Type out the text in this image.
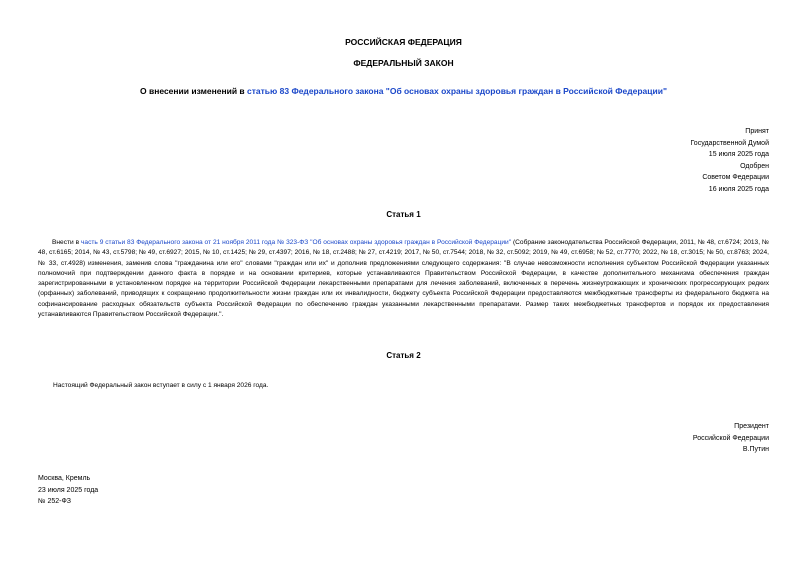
РОССИЙСКАЯ ФЕДЕРАЦИЯ
ФЕДЕРАЛЬНЫЙ ЗАКОН
О внесении изменений в статью 83 Федерального закона "Об основах охраны здоровья граждан в Российской Федерации"
Принят
Государственной Думой
15 июля 2025 года
Одобрен
Советом Федерации
16 июля 2025 года
Статья 1
Внести в часть 9 статьи 83 Федерального закона от 21 ноября 2011 года № 323-ФЗ "Об основах охраны здоровья граждан в Российской Федерации" (Собрание законодательства Российской Федерации, 2011, № 48, ст.6724; 2013, № 48, ст.6165; 2014, № 43, ст.5798; № 49, ст.6927; 2015, № 10, ст.1425; № 29, ст.4397; 2016, № 18, ст.2488; № 27, ст.4219; 2017, № 50, ст.7544; 2018, № 32, ст.5092; 2019, № 49, ст.6958; № 52, ст.7770; 2022, № 18, ст.3015; № 50, ст.8763; 2024, № 33, ст.4928) изменения, заменив слова "гражданина или его" словами "граждан или их" и дополнив предложениями следующего содержания: "В случае невозможности исполнения субъектом Российской Федерации указанных полномочий при подтверждении данного факта в порядке и на основании критериев, которые устанавливаются Правительством Российской Федерации, в качестве дополнительного механизма обеспечения граждан зарегистрированными в установленном порядке на территории Российской Федерации лекарственными препаратами для лечения заболеваний, включенных в перечень жизнеугрожающих и хронических прогрессирующих редких (орфанных) заболеваний, приводящих к сокращению продолжительности жизни граждан или их инвалидности, бюджету субъекта Российской Федерации предоставляются межбюджетные трансферты из федерального бюджета на софинансирование расходных обязательств субъекта Российской Федерации по обеспечению граждан указанными лекарственными препаратами. Размер таких межбюджетных трансфертов и порядок их предоставления устанавливаются Правительством Российской Федерации.".
Статья 2
Настоящий Федеральный закон вступает в силу с 1 января 2026 года.
Президент
Российской Федерации
В.Путин
Москва, Кремль
23 июля 2025 года
№ 252-ФЗ
